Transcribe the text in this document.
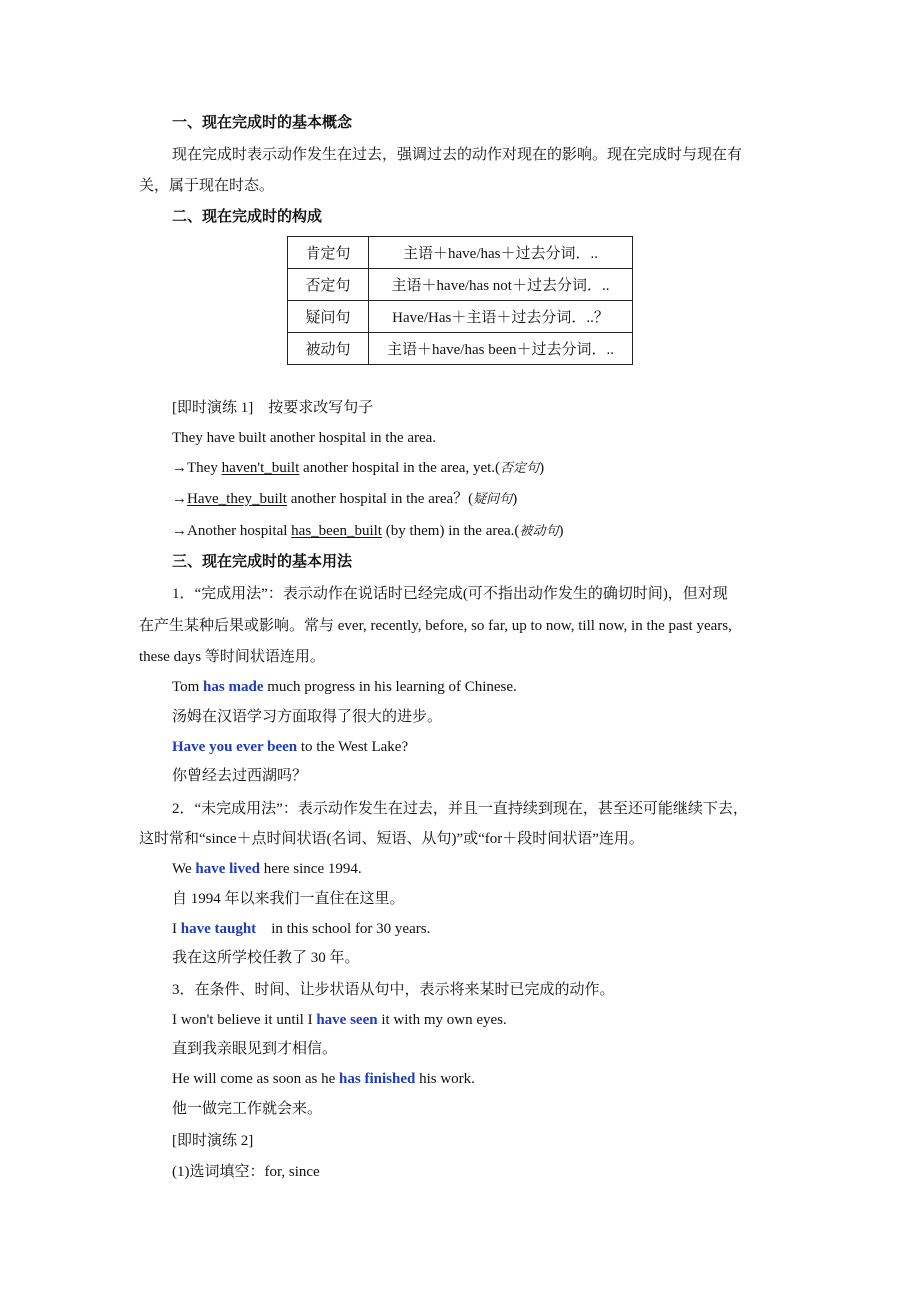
一、现在完成时的基本概念
现在完成时表示动作发生在过去，强调过去的动作对现在的影响。现在完成时与现在有
关，属于现在时态。
二、现在完成时的构成
肯定句	主语＋have/has＋过去分词．..
否定句	主语＋have/has not＋过去分词．..
疑问句	Have/Has＋主语＋过去分词．..？
被动句	主语＋have/has been＋过去分词．..
[即时演练 1]　按要求改写句子
They have built another hospital in the area.
→They haven't_built another hospital in the area, yet.(否定句)
→Have_they_built another hospital in the area？(疑问句)
→Another hospital has_been_built (by them) in the area.(被动句)
三、现在完成时的基本用法
1．“完成用法”：表示动作在说话时已经完成(可不指出动作发生的确切时间)，但对现
在产生某种后果或影响。常与 ever, recently, before, so far, up to now, till now, in the past years,
these days 等时间状语连用。
Tom has made much progress in his learning of Chinese.
汤姆在汉语学习方面取得了很大的进步。
Have you ever been to the West Lake?
你曾经去过西湖吗？
2．“未完成用法”：表示动作发生在过去，并且一直持续到现在，甚至还可能继续下去，
这时常和“since＋点时间状语(名词、短语、从句)”或“for＋段时间状语”连用。
We have lived here since 1994.
自 1994 年以来我们一直住在这里。
I have taught　in this school for 30 years.
我在这所学校任教了 30 年。
3．在条件、时间、让步状语从句中，表示将来某时已完成的动作。
I won't believe it until I have seen it with my own eyes.
直到我亲眼见到才相信。
He will come as soon as he has finished his work.
他一做完工作就会来。
[即时演练 2]
(1)选词填空：for, since
